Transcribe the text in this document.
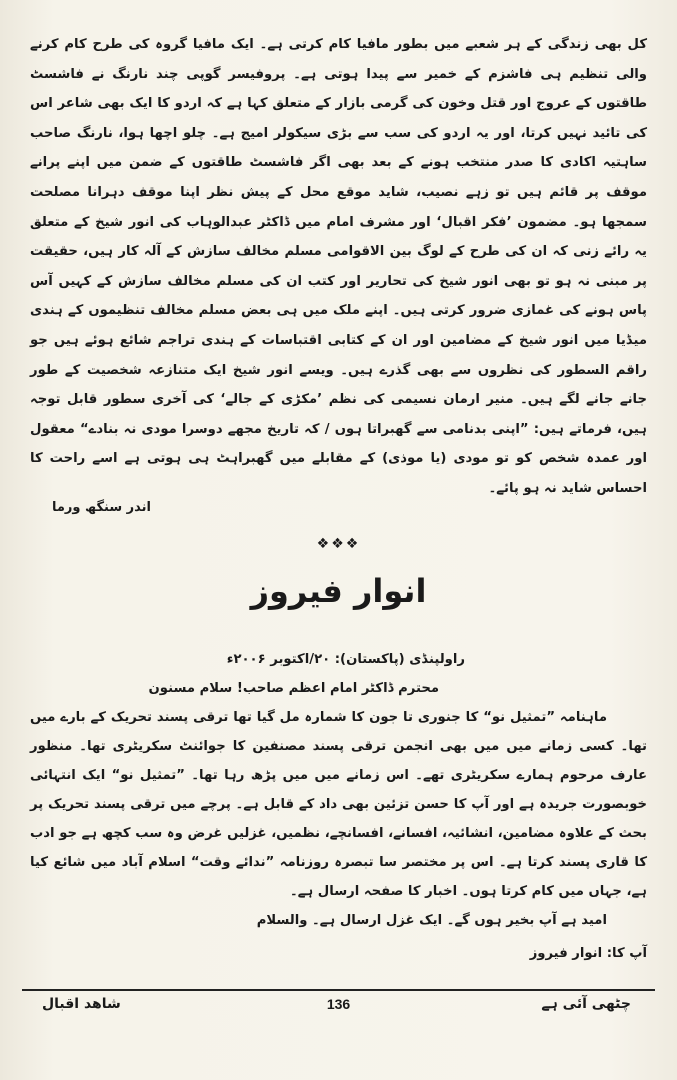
کل بھی زندگی کے ہر شعبے میں بطور مافیا کام کرتی ہے۔ ایک مافیا گروہ کی طرح کام کرنے والی تنظیم ہی فاشزم کے خمیر سے پیدا ہوتی ہے۔ پروفیسر گوپی چند نارنگ نے فاشسٹ طاقتوں کے عروج اور قتل وخون کی گرمی بازار کے متعلق کہا ہے کہ اردو کا ایک بھی شاعر اس کی تائید نہیں کرتا، اور یہ اردو کی سب سے بڑی سیکولر امیج ہے۔ چلو اچھا ہوا، نارنگ صاحب ساہتیہ اکادی کا صدر منتخب ہونے کے بعد بھی اگر فاشسٹ طاقتوں کے ضمن میں اپنے پرانے موقف پر قائم ہیں تو زہے نصیب، شاید موقع محل کے پیش نظر اپنا موقف دہرانا مصلحت سمجھا ہو۔ مضمون ’فکر اقبال‘ اور مشرف امام میں ڈاکٹر عبدالوہاب کی انور شیخ کے متعلق یہ رائے زنی کہ ان کی طرح کے لوگ بین الاقوامی مسلم مخالف سازش کے آلہ کار ہیں، حقیقت پر مبنی نہ ہو تو بھی انور شیخ کی تحاریر اور کتب ان کی مسلم مخالف سازش کے کہیں آس پاس ہونے کی غمازی ضرور کرتی ہیں۔ اپنے ملک میں ہی بعض مسلم مخالف تنظیموں کے ہندی میڈیا میں انور شیخ کے مضامین اور ان کے کتابی اقتباسات کے ہندی تراجم شائع ہوئے ہیں جو راقم السطور کی نظروں سے بھی گذرے ہیں۔ ویسے انور شیخ ایک متنازعہ شخصیت کے طور جانے جانے لگے ہیں۔ منیر ارمان نسیمی کی نظم ’مکڑی کے جالے‘ کی آخری سطور قابل توجہ ہیں، فرماتے ہیں: ”اپنی بدنامی سے گھبراتا ہوں / کہ تاریخ مجھے دوسرا مودی نہ بنادے“ معقول اور عمدہ شخص کو تو مودی (یا موذی) کے مقابلے میں گھبراہٹ ہی ہوتی ہے اسے راحت کا احساس شاید نہ ہو پائے۔

اندر سنگھ ورما
❖❖❖
انوار فیروز

راولپنڈی (پاکستان): ۲۰/اکتوبر ۲۰۰۶ء

محترم ڈاکٹر امام اعظم صاحب! سلام مسنون

ماہنامہ ”تمثیل نو“ کا جنوری تا جون کا شمارہ مل گیا تھا ترقی پسند تحریک کے بارے میں تھا۔ کسی زمانے میں میں بھی انجمن ترقی پسند مصنفین کا جوائنٹ سکریٹری تھا۔ منظور عارف مرحوم ہمارے سکریٹری تھے۔ اس زمانے میں میں پڑھ رہا تھا۔ ”تمثیل نو“ ایک انتہائی خوبصورت جریدہ ہے اور آپ کا حسن تزئین بھی داد کے قابل ہے۔ پرچے میں ترقی پسند تحریک پر بحث کے علاوہ مضامین، انشائیہ، افسانے، افسانچے، نظمیں، غزلیں غرض وہ سب کچھ ہے جو ادب کا قاری پسند کرتا ہے۔ اس پر مختصر سا تبصرہ روزنامہ ”ندائے وقت“ اسلام آباد میں شائع کیا ہے، جہاں میں کام کرتا ہوں۔ اخبار کا صفحہ ارسال ہے۔

امید ہے آپ بخیر ہوں گے۔ ایک غزل ارسال ہے۔ والسلام

آپ کا: انوار فیروز

شاهد اقبال	136	چٹھی آئی ہے
